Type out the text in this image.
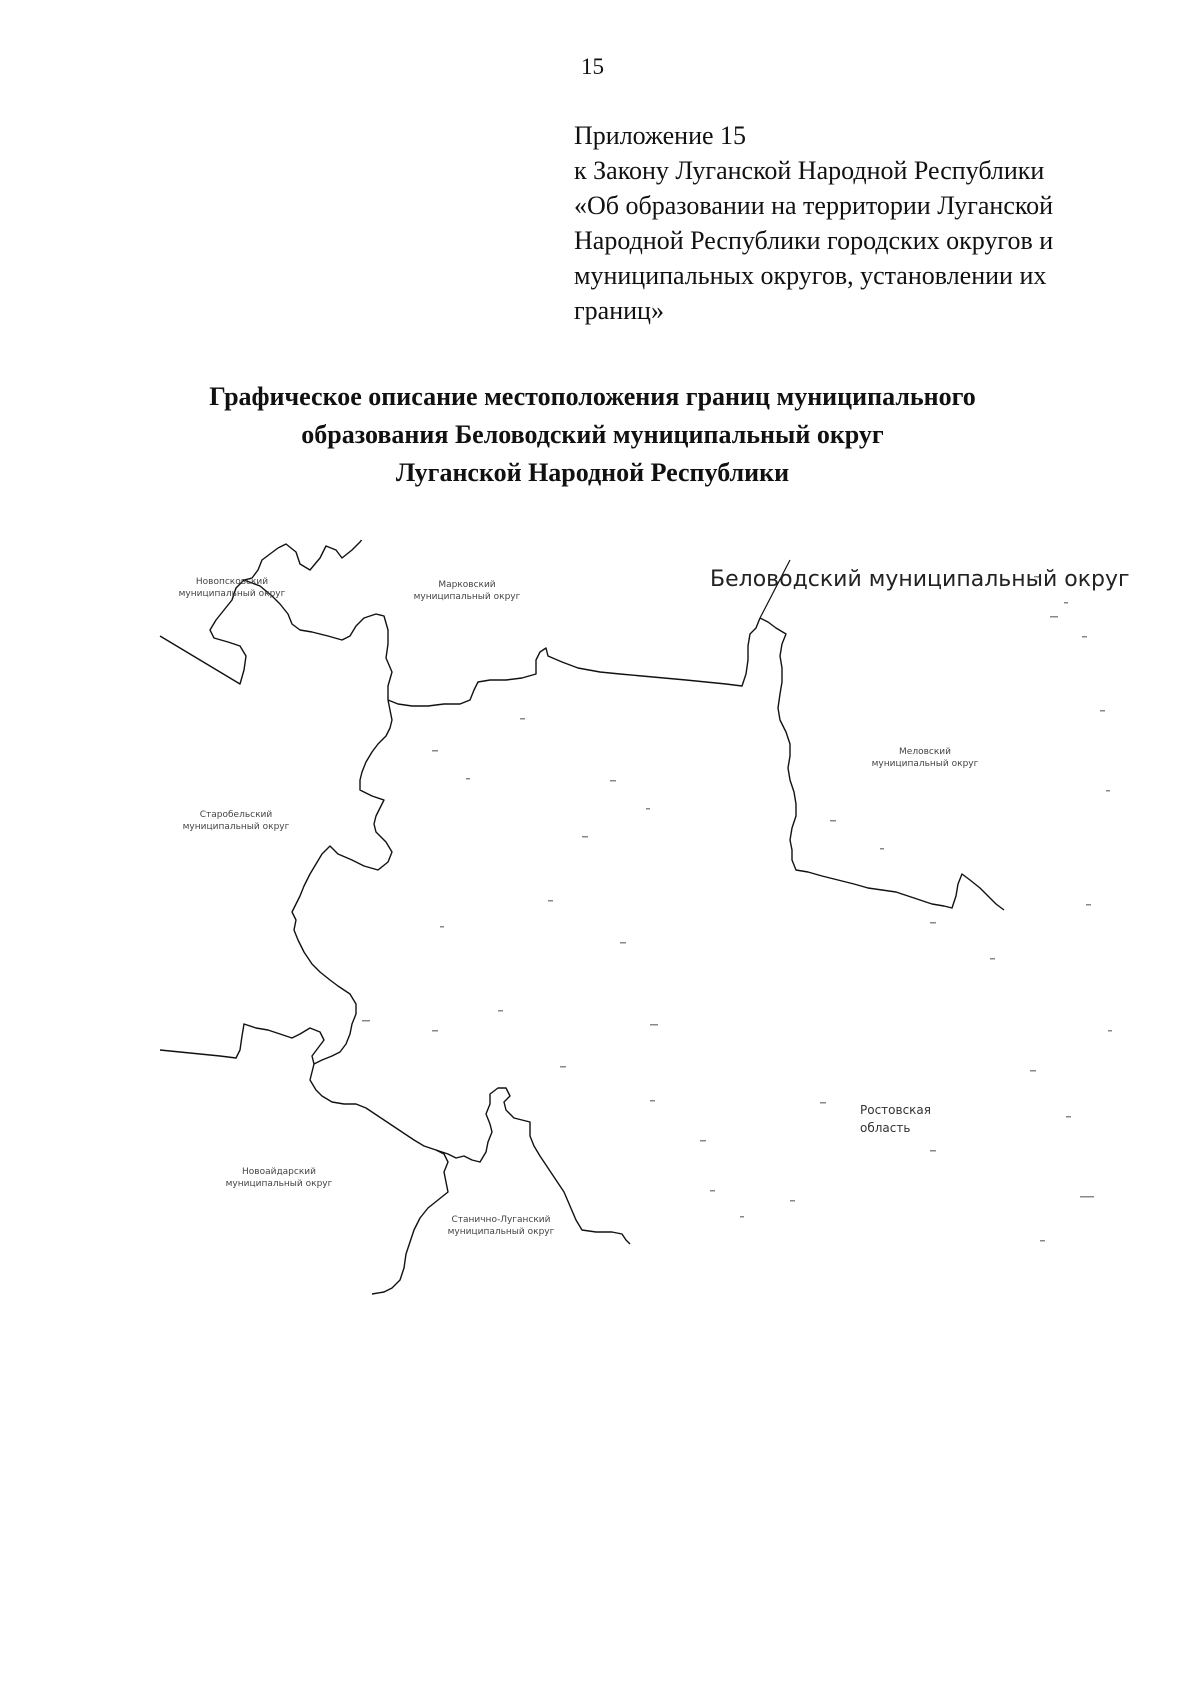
15
Приложение 15
к Закону Луганской Народной Республики
«Об образовании на территории Луганской
Народной Республики городских округов и
муниципальных округов, установлении их
границ»
Графическое описание местоположения границ муниципального
образования Беловодский муниципальный округ
Луганской Народной Республики
Беловодский муниципальный округ
Новопсковский
муниципальный округ
Марковский
муниципальный округ
Меловский
муниципальный округ
Старобельский
муниципальный округ
Новоайдарский
муниципальный округ
Станично-Луганский
муниципальный округ
Ростовская
область
